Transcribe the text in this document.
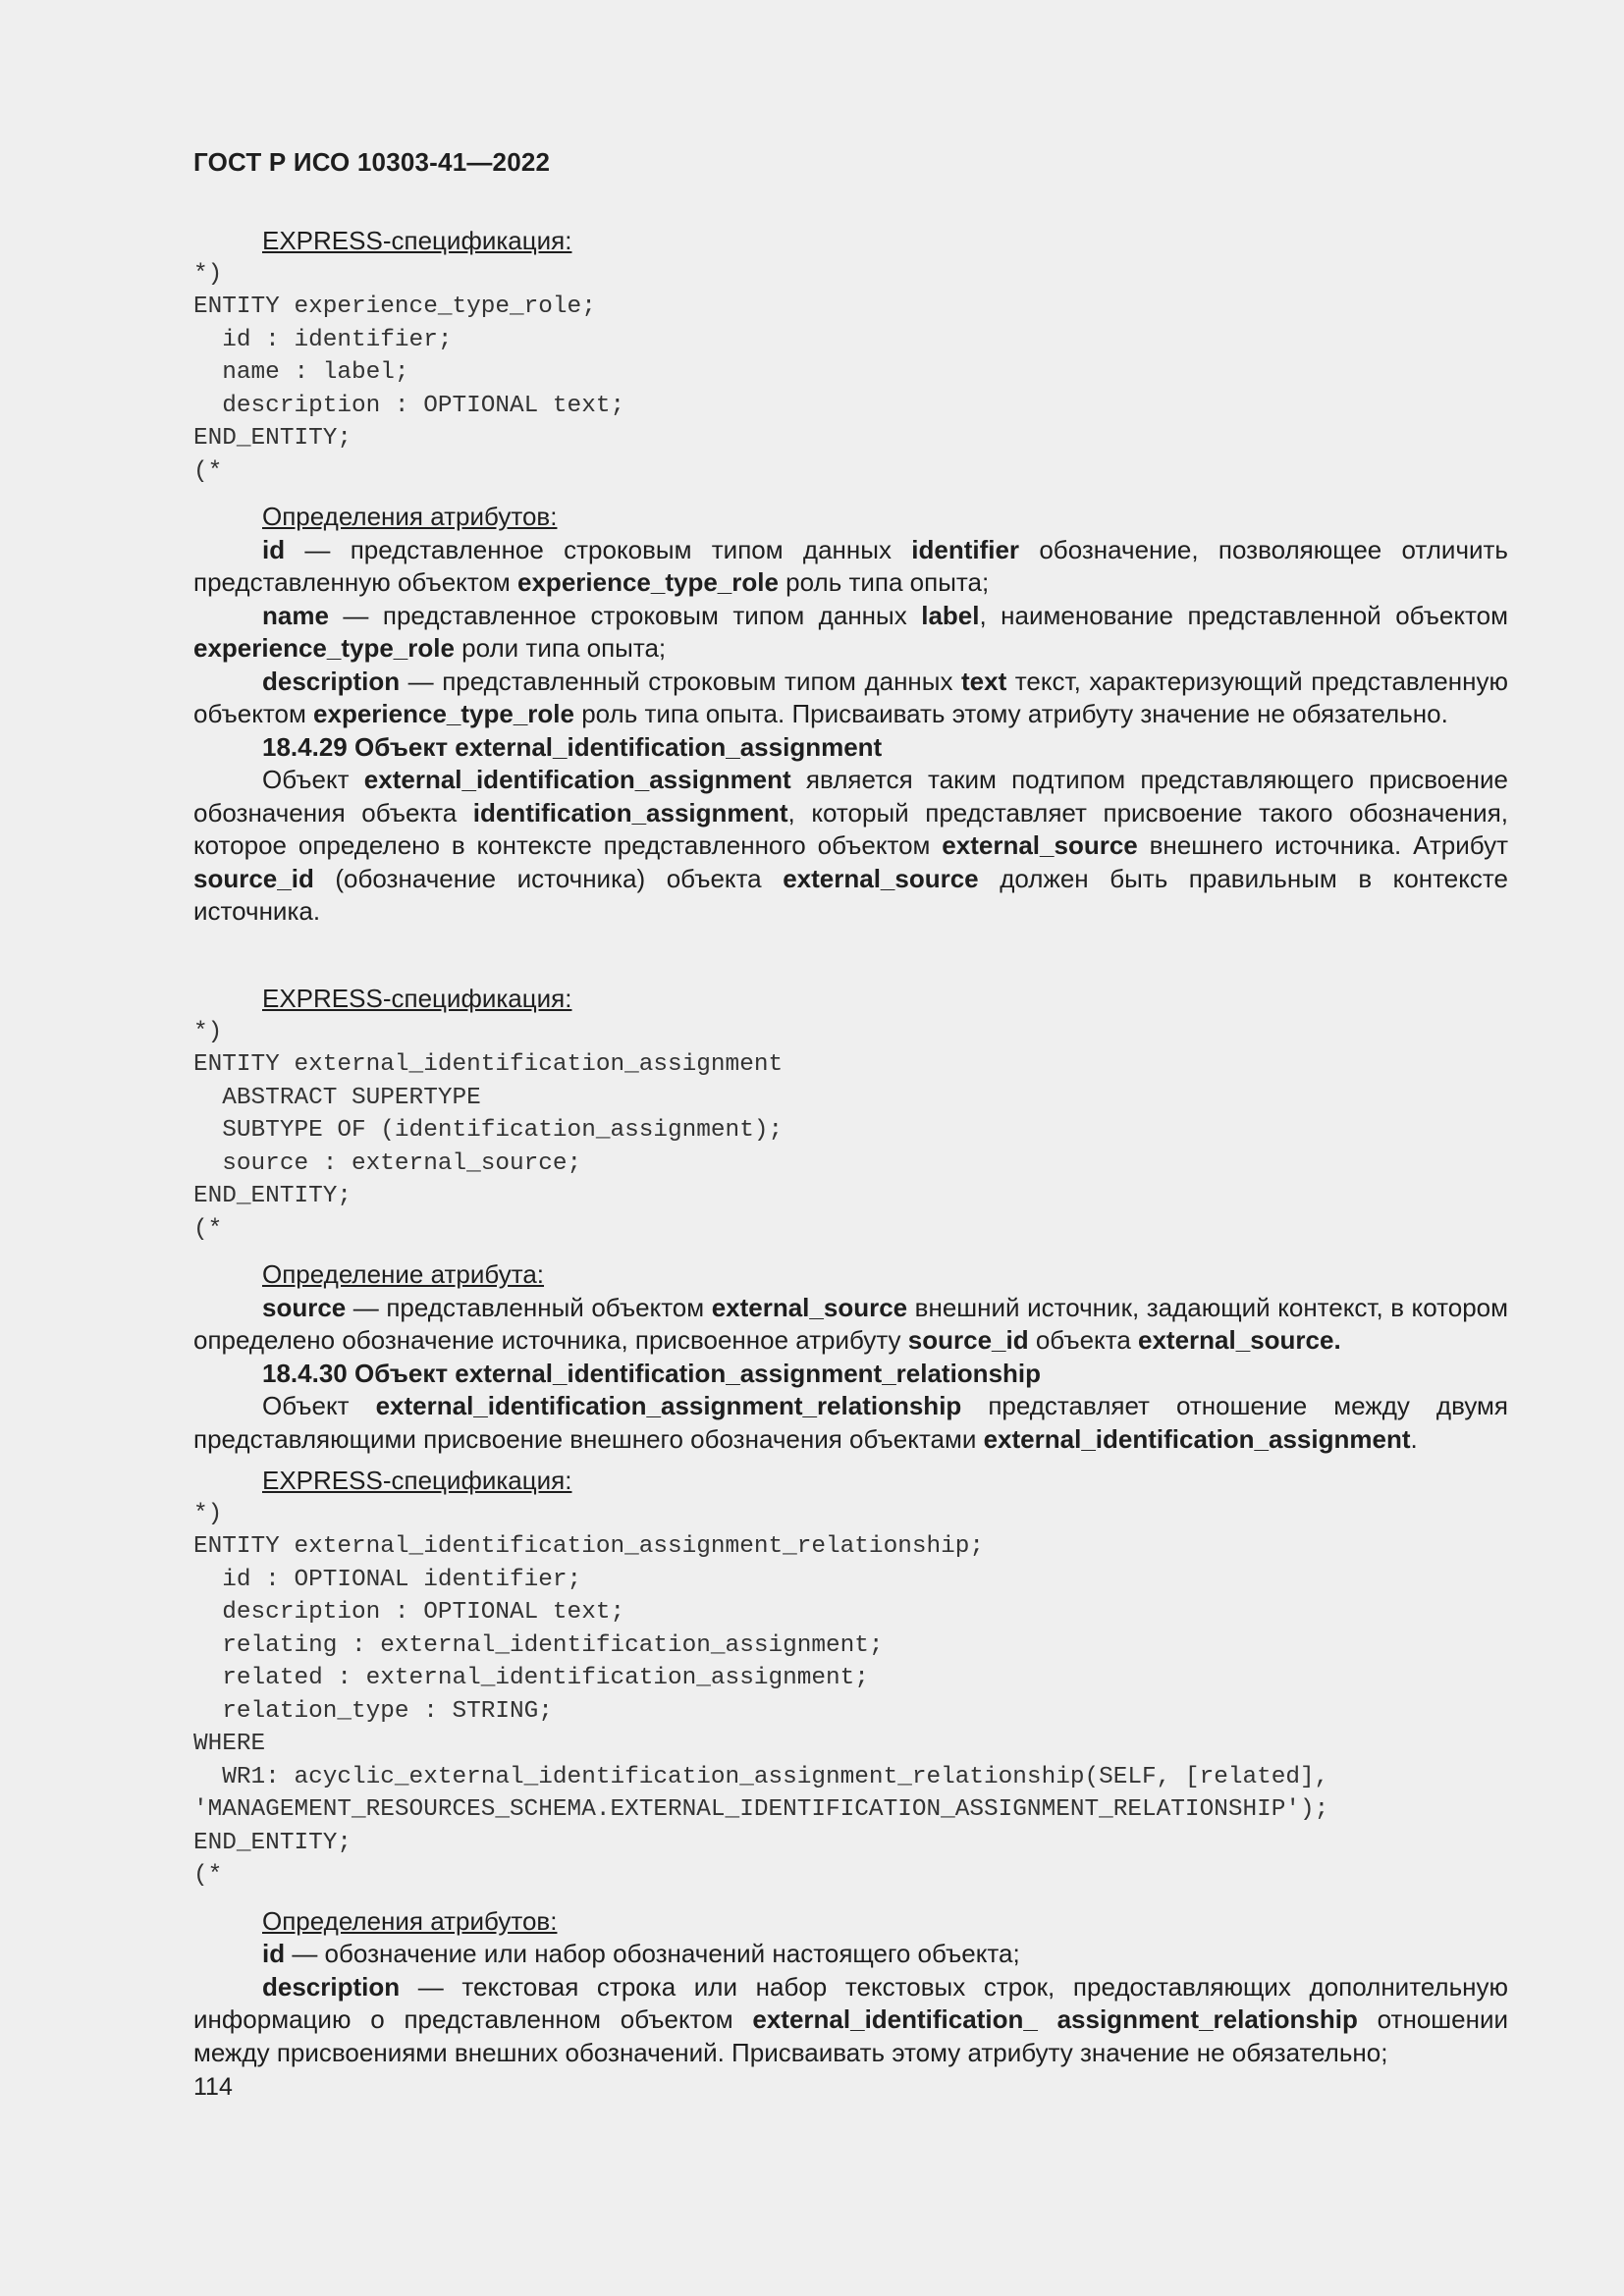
ГОСТ Р ИСО 10303-41—2022

EXPRESS-спецификация:

*)
ENTITY experience_type_role;
id : identifier;
name : label;
description : OPTIONAL text;
END_ENTITY;
(*

Определения атрибутов:

id — представленное строковым типом данных identifier обозначение, позволяющее отличить представленную объектом experience_type_role роль типа опыта;

name — представленное строковым типом данных label, наименование представленной объектом experience_type_role роли типа опыта;

description — представленный строковым типом данных text текст, характеризующий представленную объектом experience_type_role роль типа опыта. Присваивать этому атрибуту значение не обязательно.

18.4.29 Объект external_identification_assignment

Объект external_identification_assignment является таким подтипом представляющего присвоение обозначения объекта identification_assignment, который представляет присвоение такого обозначения, которое определено в контексте представленного объектом external_source внешнего источника. Атрибут source_id (обозначение источника) объекта external_source должен быть правильным в контексте источника.

EXPRESS-спецификация:

*)
ENTITY external_identification_assignment
ABSTRACT SUPERTYPE
SUBTYPE OF (identification_assignment);
source : external_source;
END_ENTITY;
(*

Определение атрибута:

source — представленный объектом external_source внешний источник, задающий контекст, в котором определено обозначение источника, присвоенное атрибуту source_id объекта external_source.

18.4.30 Объект external_identification_assignment_relationship

Объект external_identification_assignment_relationship представляет отношение между двумя представляющими присвоение внешнего обозначения объектами external_identification_assignment.

EXPRESS-спецификация:

*)
ENTITY external_identification_assignment_relationship;
id : OPTIONAL identifier;
description : OPTIONAL text;
relating : external_identification_assignment;
related : external_identification_assignment;
relation_type : STRING;
WHERE
WR1: acyclic_external_identification_assignment_relationship(SELF, [related],
'MANAGEMENT_RESOURCES_SCHEMA.EXTERNAL_IDENTIFICATION_ASSIGNMENT_RELATIONSHIP');
END_ENTITY;
(*

Определения атрибутов:

id — обозначение или набор обозначений настоящего объекта;

description — текстовая строка или набор текстовых строк, предоставляющих дополнительную информацию о представленном объектом external_identification_ assignment_relationship отношении между присвоениями внешних обозначений. Присваивать этому атрибуту значение не обязательно;

114
